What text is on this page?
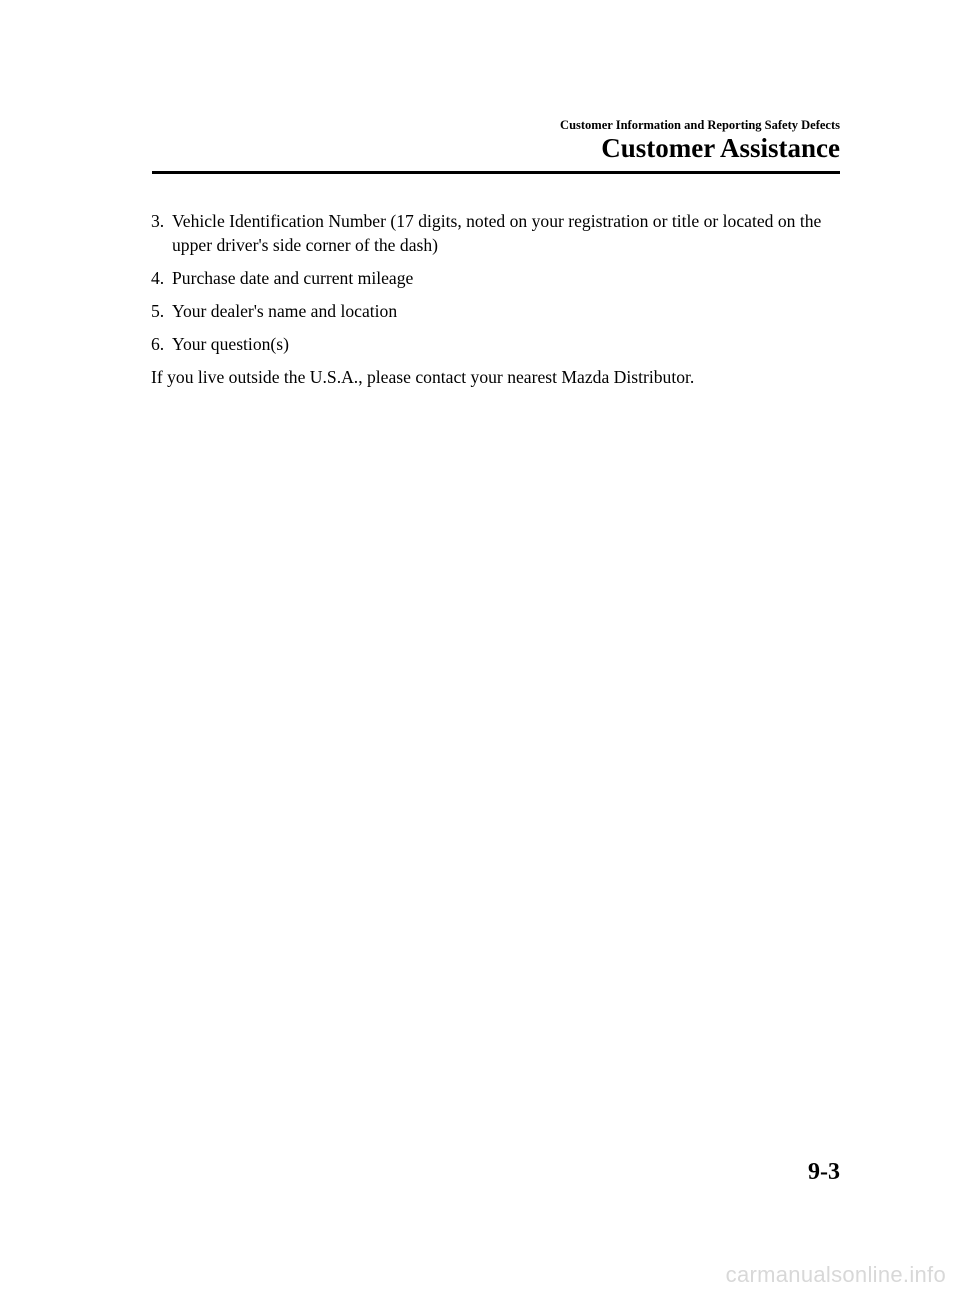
Customer Information and Reporting Safety Defects
Customer Assistance
3. Vehicle Identification Number (17 digits, noted on your registration or title or located on the upper driver's side corner of the dash)
4. Purchase date and current mileage
5. Your dealer's name and location
6. Your question(s)
If you live outside the U.S.A., please contact your nearest Mazda Distributor.
9-3
carmanualsonline.info
